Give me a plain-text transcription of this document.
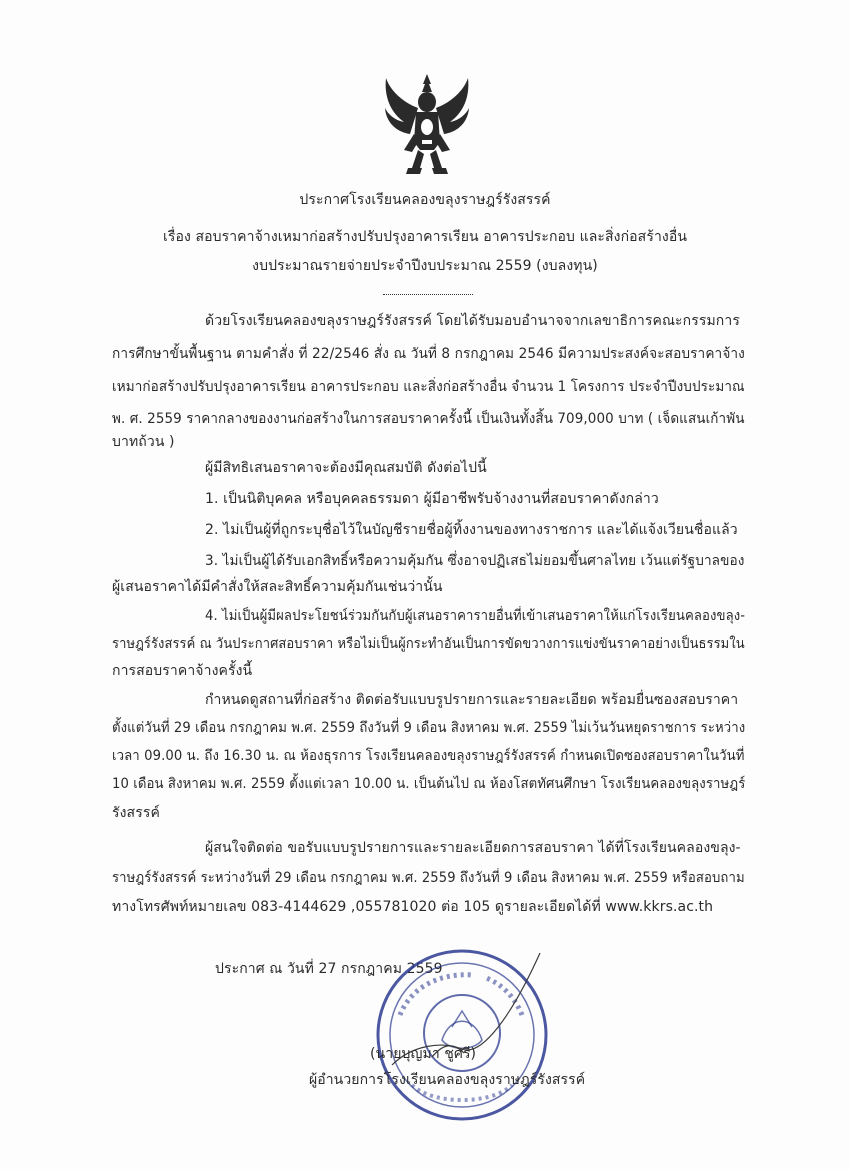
ประกาศโรงเรียนคลองขลุงราษฎร์รังสรรค์
เรื่อง สอบราคาจ้างเหมาก่อสร้างปรับปรุงอาคารเรียน อาคารประกอบ และสิ่งก่อสร้างอื่น
งบประมาณรายจ่ายประจำปีงบประมาณ 2559 (งบลงทุน)
ด้วยโรงเรียนคลองขลุงราษฎร์รังสรรค์ โดยได้รับมอบอำนาจจากเลขาธิการคณะกรรมการ
การศึกษาขั้นพื้นฐาน ตามคำสั่ง ที่ 22/2546 สั่ง ณ วันที่ 8 กรกฎาคม 2546 มีความประสงค์จะสอบราคาจ้าง
เหมาก่อสร้างปรับปรุงอาคารเรียน อาคารประกอบ และสิ่งก่อสร้างอื่น จำนวน 1 โครงการ ประจำปีงบประมาณ
พ. ศ. 2559 ราคากลางของงานก่อสร้างในการสอบราคาครั้งนี้ เป็นเงินทั้งสิ้น 709,000 บาท ( เจ็ดแสนเก้าพัน
บาทถ้วน )
ผู้มีสิทธิเสนอราคาจะต้องมีคุณสมบัติ ดังต่อไปนี้
1. เป็นนิติบุคคล หรือบุคคลธรรมดา ผู้มีอาชีพรับจ้างงานที่สอบราคาดังกล่าว
2. ไม่เป็นผู้ที่ถูกระบุชื่อไว้ในบัญชีรายชื่อผู้ทิ้งงานของทางราชการ และได้แจ้งเวียนชื่อแล้ว
3. ไม่เป็นผู้ได้รับเอกสิทธิ์หรือความคุ้มกัน ซึ่งอาจปฏิเสธไม่ยอมขึ้นศาลไทย เว้นแต่รัฐบาลของ
ผู้เสนอราคาได้มีคำสั่งให้สละสิทธิ์ความคุ้มกันเช่นว่านั้น
4. ไม่เป็นผู้มีผลประโยชน์ร่วมกันกับผู้เสนอราคารายอื่นที่เข้าเสนอราคาให้แก่โรงเรียนคลองขลุง-
ราษฎร์รังสรรค์ ณ วันประกาศสอบราคา หรือไม่เป็นผู้กระทำอันเป็นการขัดขวางการแข่งขันราคาอย่างเป็นธรรมใน
การสอบราคาจ้างครั้งนี้
กำหนดดูสถานที่ก่อสร้าง ติดต่อรับแบบรูปรายการและรายละเอียด พร้อมยื่นซองสอบราคา
ตั้งแต่วันที่ 29 เดือน กรกฎาคม พ.ศ. 2559 ถึงวันที่ 9 เดือน สิงหาคม พ.ศ. 2559 ไม่เว้นวันหยุดราชการ ระหว่าง
เวลา 09.00 น. ถึง 16.30 น. ณ ห้องธุรการ โรงเรียนคลองขลุงราษฎร์รังสรรค์ กำหนดเปิดซองสอบราคาในวันที่
10 เดือน สิงหาคม พ.ศ. 2559 ตั้งแต่เวลา 10.00 น. เป็นต้นไป ณ ห้องโสตทัศนศึกษา โรงเรียนคลองขลุงราษฎร์
รังสรรค์
ผู้สนใจติดต่อ ขอรับแบบรูปรายการและรายละเอียดการสอบราคา ได้ที่โรงเรียนคลองขลุง-
ราษฎร์รังสรรค์ ระหว่างวันที่ 29 เดือน กรกฎาคม พ.ศ. 2559 ถึงวันที่ 9 เดือน สิงหาคม พ.ศ. 2559 หรือสอบถาม
ทางโทรศัพท์หมายเลข 083-4144629 ,055781020 ต่อ 105 ดูรายละเอียดได้ที่ www.kkrs.ac.th
ประกาศ ณ วันที่ 27 กรกฎาคม 2559
(นายบุญมา ชูศรี)
ผู้อำนวยการโรงเรียนคลองขลุงราษฎร์รังสรรค์
